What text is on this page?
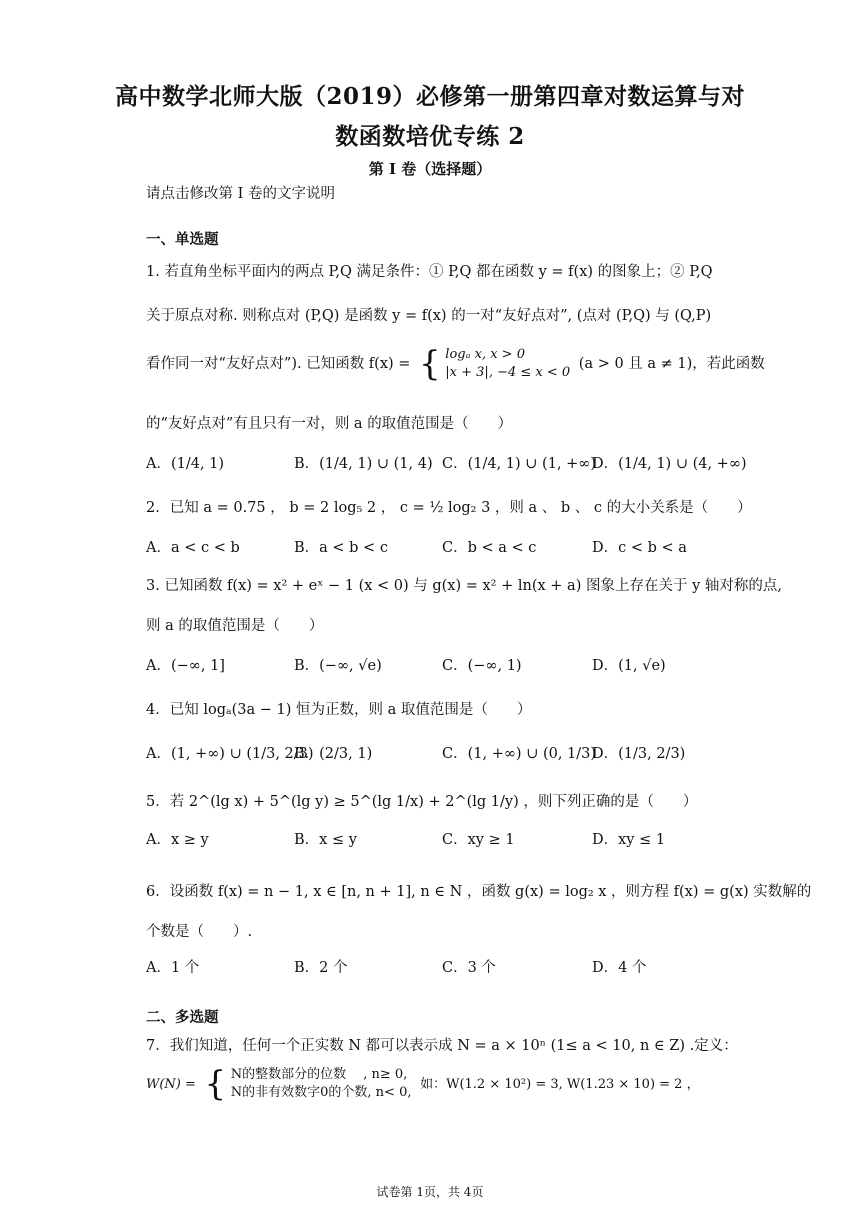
高中数学北师大版（2019）必修第一册第四章对数运算与对
数函数培优专练 2
第 I 卷（选择题）
请点击修改第 I 卷的文字说明
一、单选题
1. 若直角坐标平面内的两点 P,Q 满足条件：① P,Q 都在函数 y = f(x) 的图象上；② P,Q
关于原点对称. 则称点对 (P,Q) 是函数 y = f(x) 的一对“友好点对”, (点对 (P,Q) 与 (Q,P)
看作同一对“友好点对”). 已知函数 f(x) = { logₐ x, x > 0
|x + 3|, −4 ≤ x < 0 (a > 0 且 a ≠ 1)，若此函数
的“友好点对”有且只有一对，则 a 的取值范围是（　　）
A．(1/4, 1)	B．(1/4, 1) ∪ (1, 4) C．(1/4, 1) ∪ (1, +∞)
D．(1/4, 1) ∪ (4, +∞)
2．已知 a = 0.75 ， b = 2 log₅ 2 ， c = ½ log₂ 3 ，则 a 、 b 、 c 的大小关系是（　　）
A．a < c < b	B．a < b < c	C．b < a < c	D．c < b < a
3. 已知函数 f(x) = x² + eˣ − 1 (x < 0) 与 g(x) = x² + ln(x + a) 图象上存在关于 y 轴对称的点,
则 a 的取值范围是（　　）
A．(−∞, 1]	B．(−∞, √e)	C．(−∞, 1)	D．(1, √e)
4．已知 logₐ(3a − 1) 恒为正数，则 a 取值范围是（　　）
A．(1, +∞) ∪ (1/3, 2/3)
B．(2/3, 1)	C．(1, +∞) ∪ (0, 1/3)
D．(1/3, 2/3)
5．若 2^(lg x) + 5^(lg y) ≥ 5^(lg 1/x) + 2^(lg 1/y) ，则下列正确的是（　　）
A．x ≥ y	B．x ≤ y	C．xy ≥ 1	D．xy ≤ 1
6．设函数 f(x) = n − 1, x ∈ [n, n + 1], n ∈ N ，函数 g(x) = log₂ x ，则方程 f(x) = g(x) 实数解的
个数是（　　）.
A．1 个	B．2 个	C．3 个	D．4 个
二、多选题
7．我们知道，任何一个正实数 N 都可以表示成 N = a × 10ⁿ (1≤ a < 10, n ∈ Z) .定义：
W(N) = { N的整数部分的位数　 , n≥ 0,
N的非有效数字0的个数, n< 0, 如：W(1.2 × 10²) = 3, W(1.23 × 10) = 2 ，
试卷第 1页，共 4页
